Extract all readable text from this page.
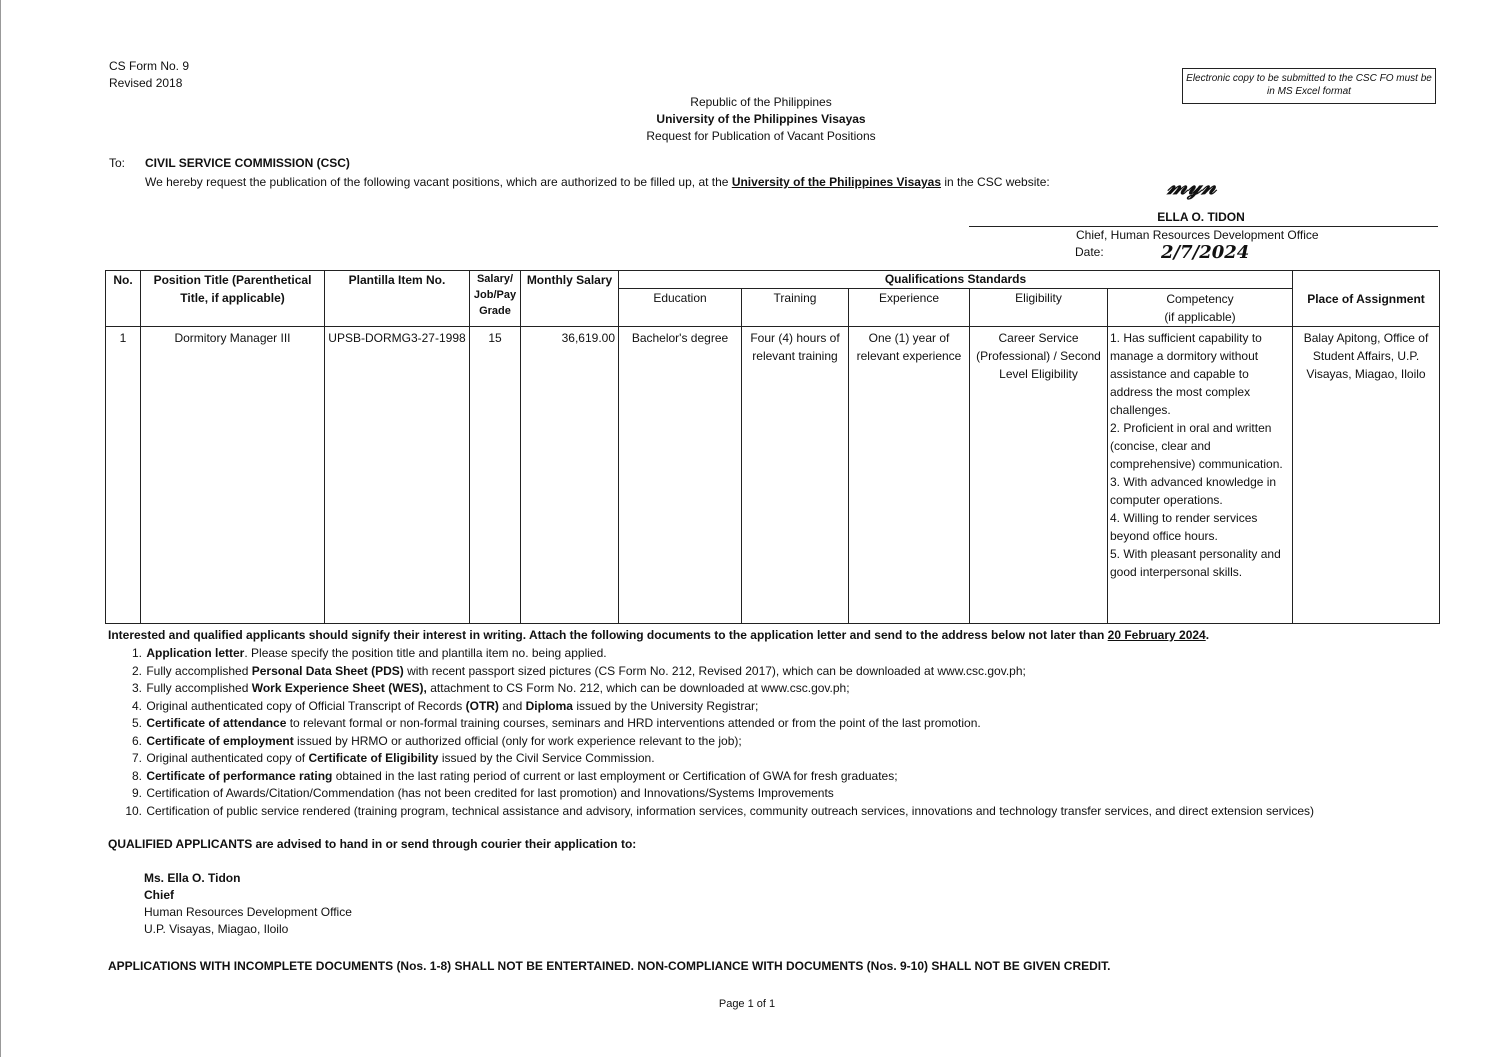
CS Form No. 9
Revised 2018	Electronic copy to be submitted to the CSC FO must be in MS Excel format
Republic of the Philippines
University of the Philippines Visayas
Request for Publication of Vacant Positions
To: CIVIL SERVICE COMMISSION (CSC)
We hereby request the publication of the following vacant positions, which are authorized to be filled up, at the University of the Philippines Visayas in the CSC website:	𝓂𝓎𝓃
ELLA O. TIDON
Chief, Human Resources Development Office
Date:	2/7/2024
No.	Position Title (Parenthetical Title, if applicable)	Plantilla Item No.	Salary/ Job/Pay Grade	Monthly Salary	Qualifications Standards					Place of Assignment
					Education	Training	Experience	Eligibility	Competency
(if applicable)	
1	Dormitory Manager III	UPSB-DORMG3-27-1998	15	36,619.00	Bachelor's degree	Four (4) hours of relevant training	One (1) year of relevant experience	Career Service (Professional) / Second Level Eligibility	1. Has sufficient capability to manage a dormitory without assistance and capable to address the most complex challenges.
2. Proficient in oral and written (concise, clear and comprehensive) communication.
3. With advanced knowledge in computer operations.
4. Willing to render services beyond office hours.
5. With pleasant personality and good interpersonal skills.	Balay Apitong, Office of Student Affairs, U.P. Visayas, Miagao, Iloilo
Interested and qualified applicants should signify their interest in writing. Attach the following documents to the application letter and send to the address below not later than 20 February 2024.
1. Application letter. Please specify the position title and plantilla item no. being applied.
2. Fully accomplished Personal Data Sheet (PDS) with recent passport sized pictures (CS Form No. 212, Revised 2017), which can be downloaded at www.csc.gov.ph;
3. Fully accomplished Work Experience Sheet (WES), attachment to CS Form No. 212, which can be downloaded at www.csc.gov.ph;
4. Original authenticated copy of Official Transcript of Records (OTR) and Diploma issued by the University Registrar;
5. Certificate of attendance to relevant formal or non-formal training courses, seminars and HRD interventions attended or from the point of the last promotion.
6. Certificate of employment issued by HRMO or authorized official (only for work experience relevant to the job);
7. Original authenticated copy of Certificate of Eligibility issued by the Civil Service Commission.
8. Certificate of performance rating obtained in the last rating period of current or last employment or Certification of GWA for fresh graduates;
9. Certification of Awards/Citation/Commendation (has not been credited for last promotion) and Innovations/Systems Improvements
10. Certification of public service rendered (training program, technical assistance and advisory, information services, community outreach services, innovations and technology transfer services, and direct extension services)
QUALIFIED APPLICANTS are advised to hand in or send through courier their application to:
Ms. Ella O. Tidon
Chief
Human Resources Development Office
U.P. Visayas, Miagao, Iloilo
APPLICATIONS WITH INCOMPLETE DOCUMENTS (Nos. 1-8) SHALL NOT BE ENTERTAINED. NON-COMPLIANCE WITH DOCUMENTS (Nos. 9-10) SHALL NOT BE GIVEN CREDIT.
Page 1 of 1
